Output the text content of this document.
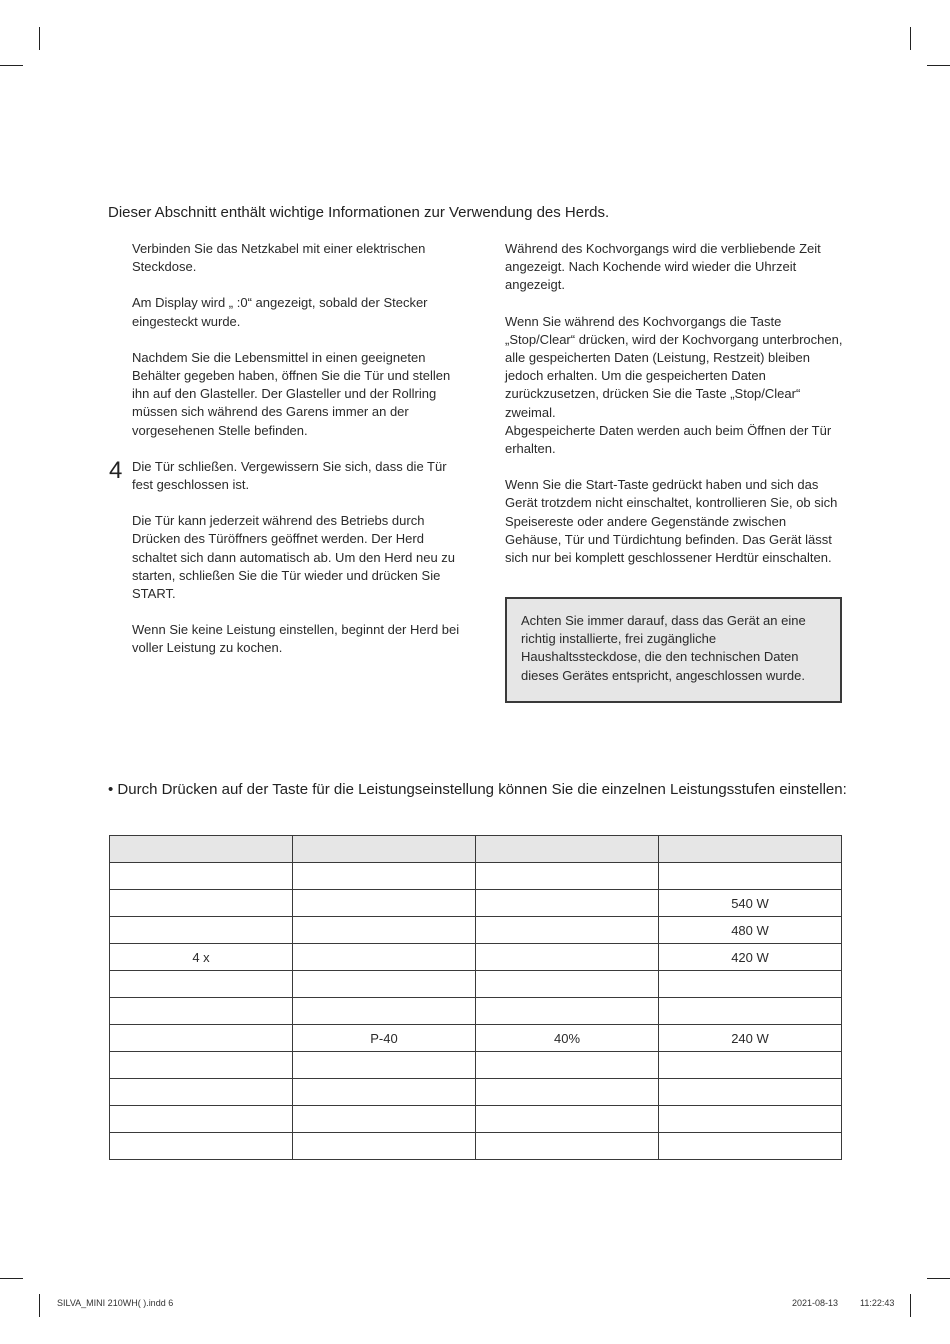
Dieser Abschnitt enthält wichtige Informationen zur Verwendung des Herds.

Verbinden Sie das Netzkabel mit einer elektrischen Steckdose.

Am Display wird „ :0“ angezeigt, sobald der Stecker eingesteckt wurde.

Nachdem Sie die Lebensmittel in einen geeigneten Behälter gegeben haben, öffnen Sie die Tür und stellen ihn auf den Glasteller. Der Glasteller und der Rollring müssen sich während des Garens immer an der vorgesehenen Stelle befinden.

Die Tür schließen. Vergewissern Sie sich, dass die Tür fest geschlossen ist.

Die Tür kann jederzeit während des Betriebs durch Drücken des Türöffners geöffnet werden. Der Herd schaltet sich dann automatisch ab. Um den Herd neu zu starten, schließen Sie die Tür wieder und drücken Sie START.

Wenn Sie keine Leistung einstellen, beginnt der Herd bei voller Leistung zu kochen.

4

Während des Kochvorgangs wird die verbliebende Zeit angezeigt. Nach Kochende wird wieder die Uhrzeit angezeigt.

Wenn Sie während des Kochvorgangs die Taste „Stop/Clear“ drücken, wird der Kochvorgang unterbrochen, alle gespeicherten Daten (Leistung, Restzeit) bleiben jedoch erhalten. Um die gespeicherten Daten zurückzusetzen, drücken Sie die Taste „Stop/Clear“ zweimal.

Abgespeicherte Daten werden auch beim Öffnen der Tür erhalten.

Wenn Sie die Start-Taste gedrückt haben und sich das Gerät trotzdem nicht einschaltet, kontrollieren Sie, ob sich Speisereste oder andere Gegenstände zwischen Gehäuse, Tür und Türdichtung befinden. Das Gerät lässt sich nur bei komplett geschlossener Herdtür einschalten.

Achten Sie immer darauf, dass das Gerät an eine richtig installierte, frei zugängliche Haushaltssteckdose, die den technischen Daten dieses Gerätes entspricht, angeschlossen wurde.
• Durch Drücken auf der Taste für die Leistungseinstellung können Sie die einzelnen Leistungsstufen einstellen:

			540 W
			480 W
4 x			420 W

	P-40	40%	240 W

SILVA_MINI 210WH( ).indd 6	2021-08-13 11:22:43
